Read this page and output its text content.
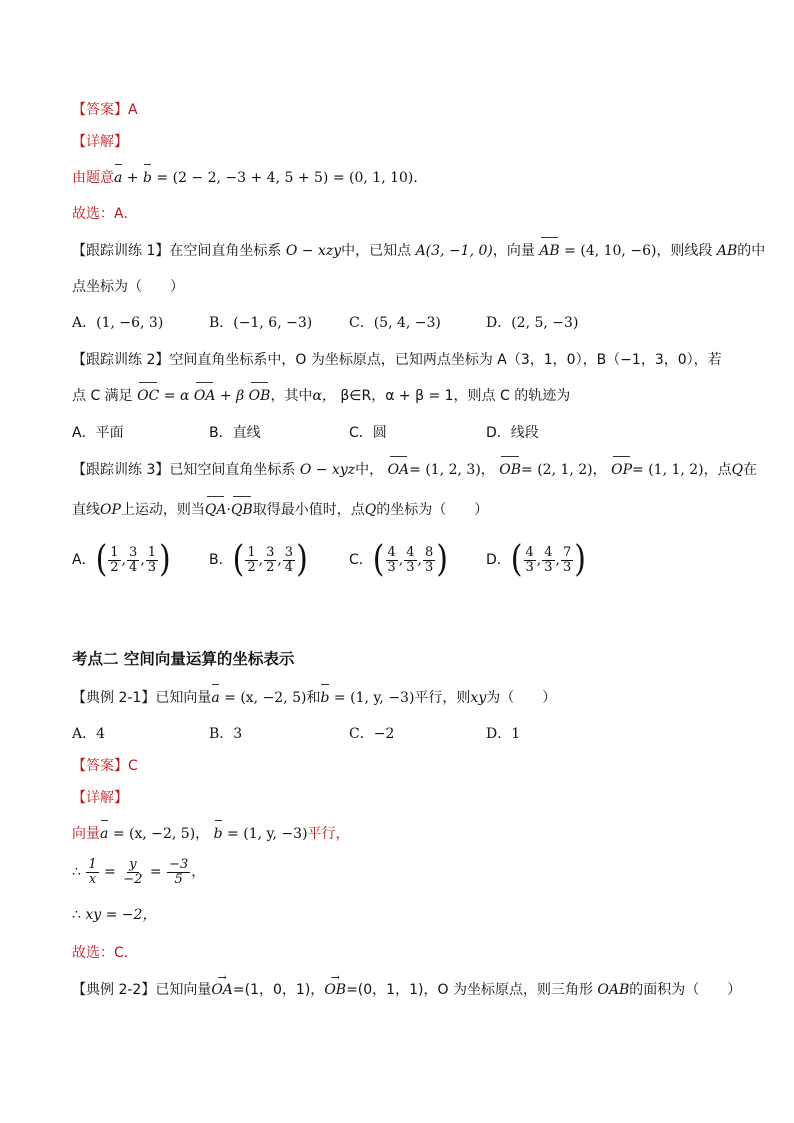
【答案】A
【详解】
由题意a + b = (2 − 2, −3 + 4, 5 + 5) = (0, 1, 10)．
故选：A．
【跟踪训练 1】在空间直角坐标系 O − xzy中，已知点 A(3, −1, 0)，向量 AB = (4, 10, −6)，则线段 AB的中
点坐标为（　　）
A．(1, −6, 3)	B．(−1, 6, −3)	C．(5, 4, −3)	D．(2, 5, −3)
【跟踪训练 2】空间直角坐标系中，O 为坐标原点，已知两点坐标为 A（3，1，0），B（−1，3，0），若
点 C 满足 OC = α OA + β OB，其中α， β∈R，α + β = 1，则点 C 的轨迹为
A．平面	B．直线	C．圆	D．线段
【跟踪训练 3】已知空间直角坐标系 O − xyz中， OA= (1, 2, 3)， OB= (2, 1, 2)， OP= (1, 1, 2)，点Q在
直线OP上运动，则当QA·QB取得最小值时，点Q的坐标为（　　）
A．( $\frac{1}{2}$ , $\frac{3}{4}$ , $\frac{1}{3}$ )	B．( $\frac{1}{2}$ , $\frac{3}{2}$ , $\frac{3}{4}$ )	C．( $\frac{4}{3}$ , $\frac{4}{3}$ , $\frac{8}{3}$ )	D．( $\frac{4}{3}$ , $\frac{4}{3}$ , $\frac{7}{3}$ )
考点二 空间向量运算的坐标表示
【典例 2-1】已知向量a = (x, −2, 5)和b = (1, y, −3)平行，则xy为（　　）
A．4	B．3	C．−2	D．1
【答案】C
【详解】
向量a = (x, −2, 5)， b = (1, y, −3)平行，
∴ $\frac{1}{x} = \frac{y}{-2} = \frac{-3}{5}$ ，
∴ xy = −2，
故选：C．
【典例 2-2】已知向量→ OA=(1，0，1)，→ OB=(0，1，1)，O 为坐标原点，则三角形 OAB的面积为（　　）
